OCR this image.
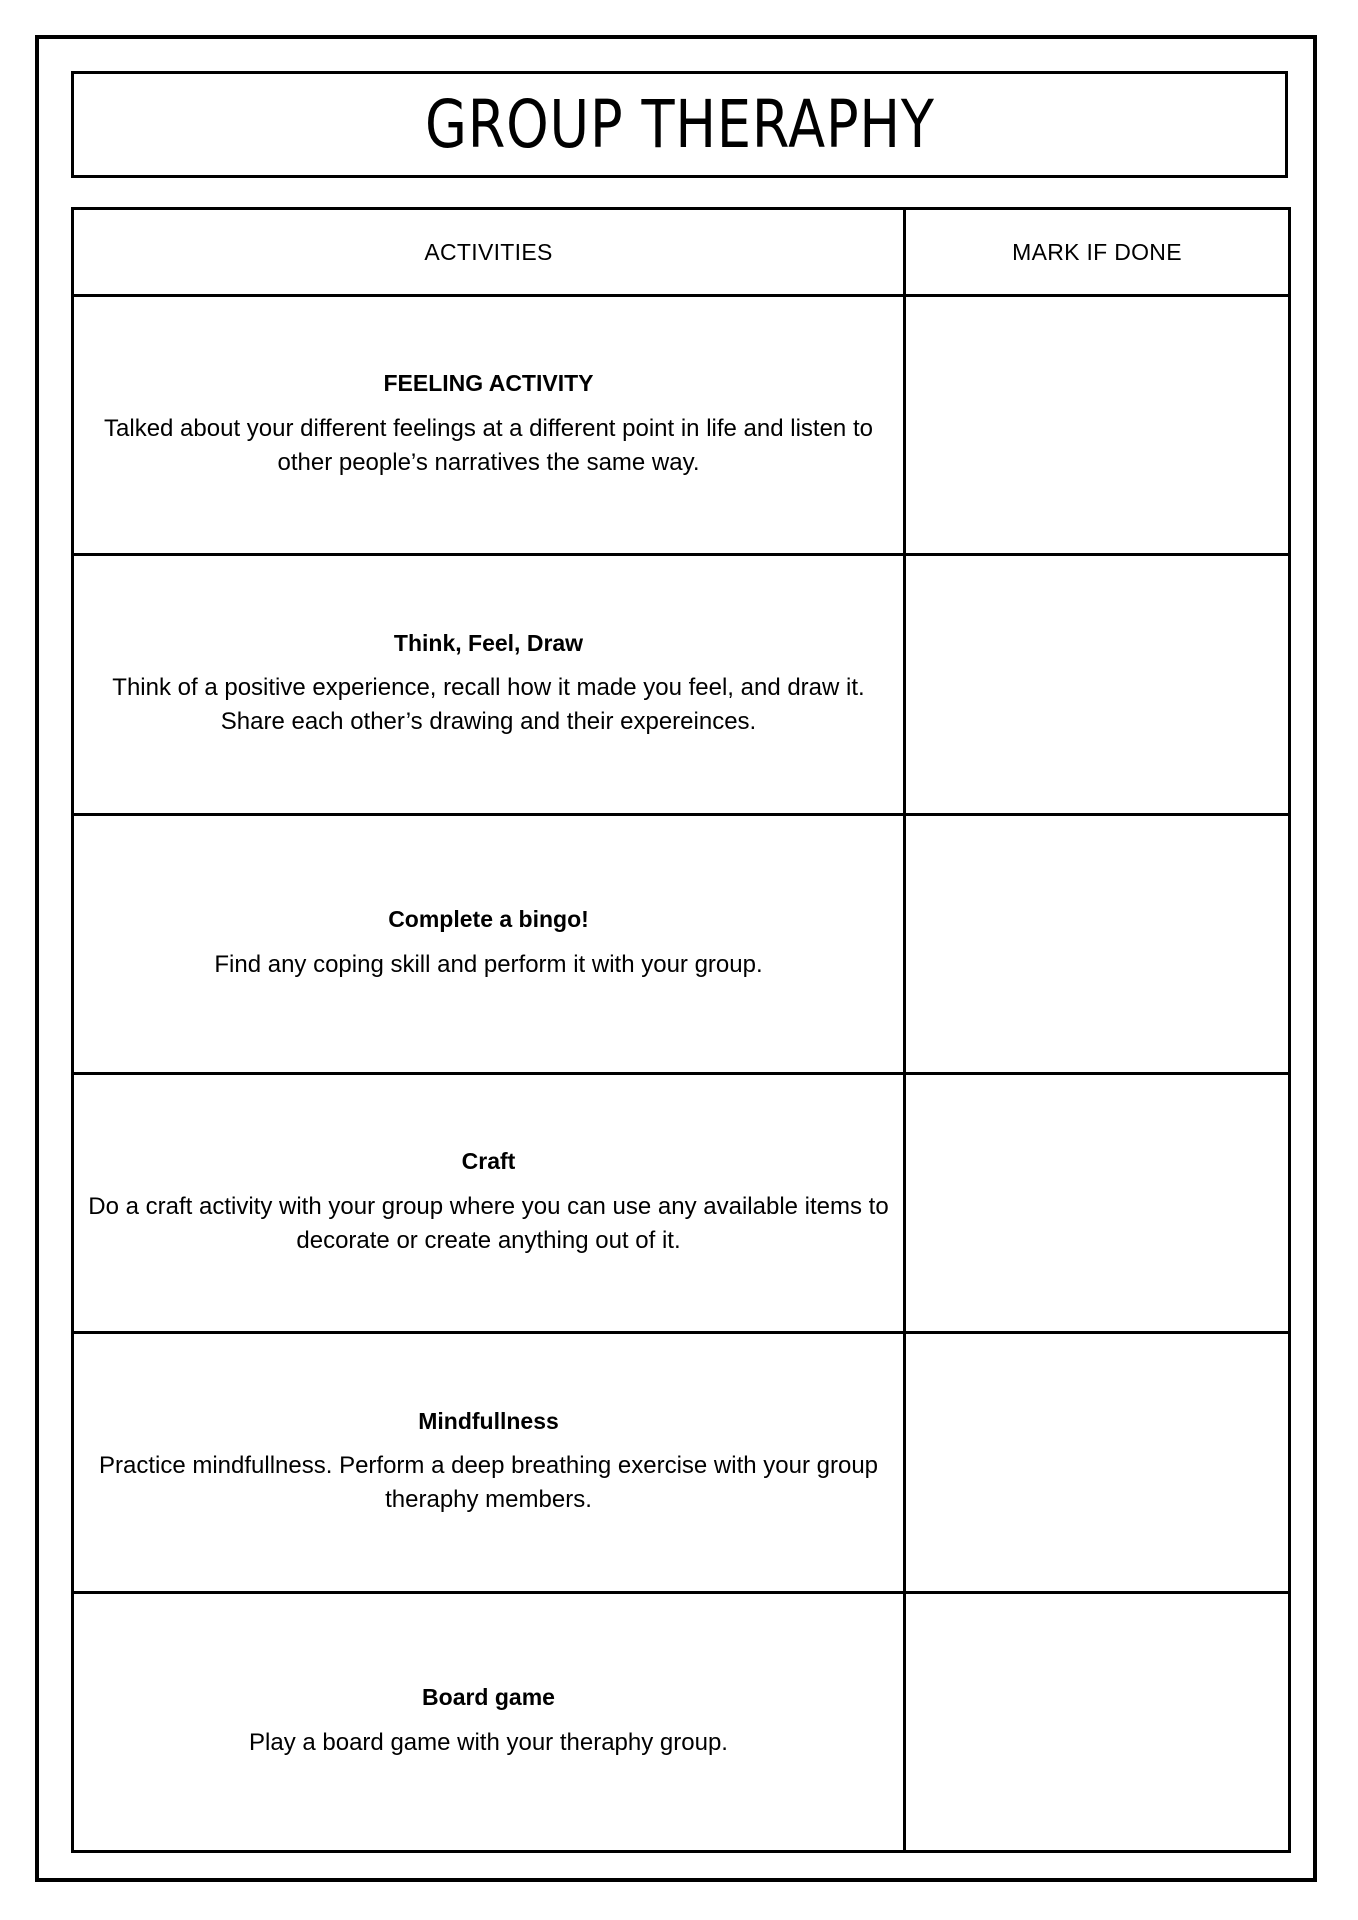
GROUP THERAPHY
ACTIVITIES	MARK IF DONE

FEELING ACTIVITY
Talked about your different feelings at a different point in life and listen to other people’s narratives the same way.	

Think, Feel, Draw
Think of a positive experience, recall how it made you feel, and draw it. Share each other’s drawing and their expereinces.	

Complete a bingo!
Find any coping skill and perform it with your group.	

Craft
Do a craft activity with your group where you can use any available items to decorate or create anything out of it.	

Mindfullness
Practice mindfullness. Perform a deep breathing exercise with your group theraphy members.	

Board game
Play a board game with your theraphy group.	
